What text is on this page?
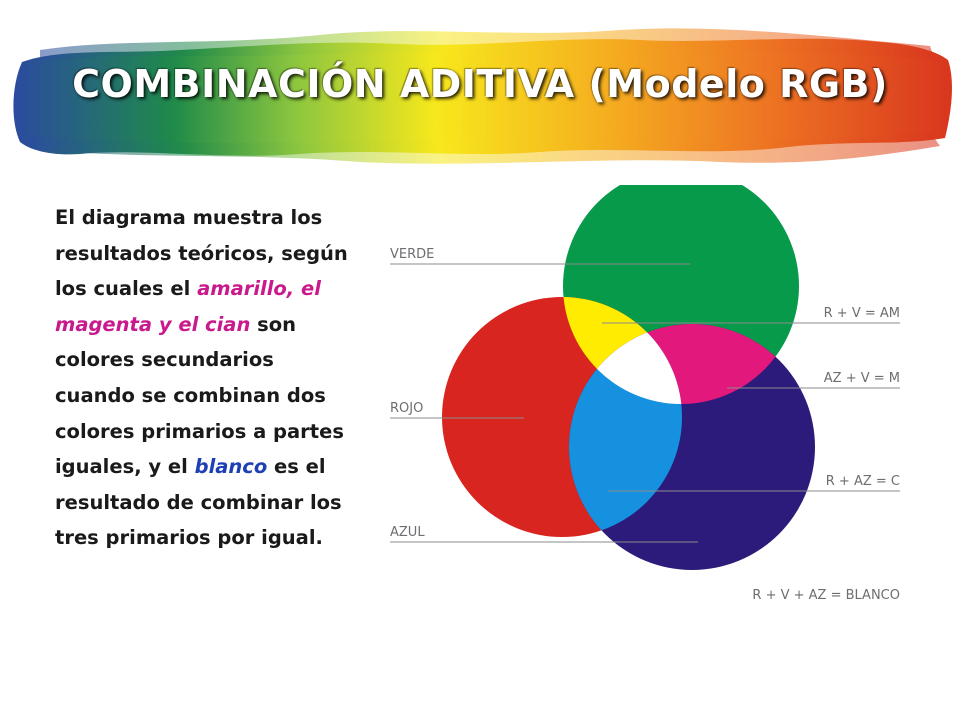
COMBINACIÓN ADITIVA (Modelo RGB)
El diagrama muestra los resultados teóricos, según los cuales el amarillo, el magenta y el cian son colores secundarios cuando se combinan dos colores primarios a partes iguales, y el blanco es el resultado de combinar los tres primarios por igual.
VERDE
ROJO
AZUL
R + V = AM
AZ + V = M
R + AZ = C
R + V + AZ = BLANCO
